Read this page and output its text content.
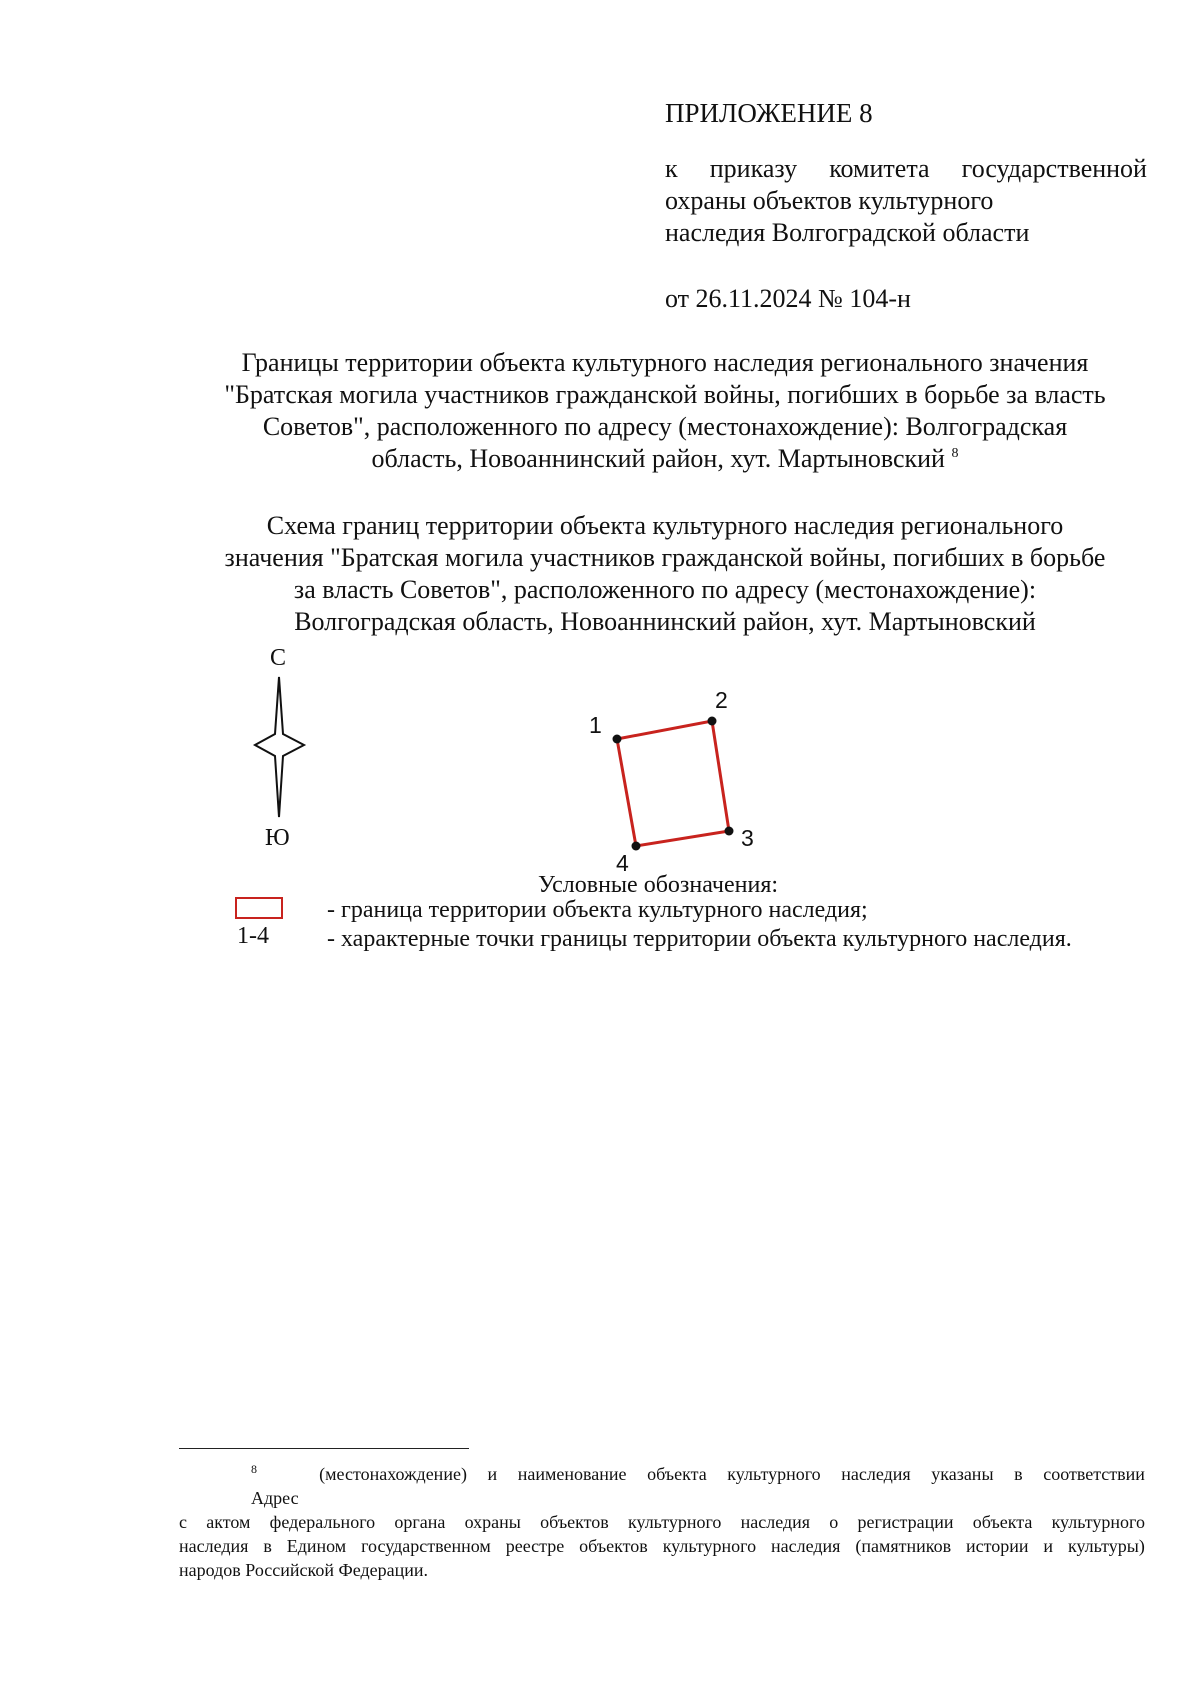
ПРИЛОЖЕНИЕ 8
к приказу комитета государственной
охраны объектов культурного
наследия Волгоградской области
от 26.11.2024 № 104-н
Границы территории объекта культурного наследия регионального значения
"Братская могила участников гражданской войны, погибших в борьбе за власть
Советов", расположенного по адресу (местонахождение): Волгоградская
область, Новоаннинский район, хут. Мартыновский $^8$
Схема границ территории объекта культурного наследия регионального
значения "Братская могила участников гражданской войны, погибших в борьбе
за власть Советов", расположенного по адресу (местонахождение):
Волгоградская область, Новоаннинский район, хут. Мартыновский
С
Ю
1
2
3
4
Условные обозначения:
- граница территории объекта культурного наследия;
1-4 - характерные точки границы территории объекта культурного наследия.
$^8$
Адрес
(местонахождение) и наименование объекта культурного наследия указаны в соответствии
с актом федерального органа охраны объектов культурного наследия о регистрации объекта культурного
наследия в Едином государственном реестре объектов культурного наследия (памятников истории и культуры)
народов Российской Федерации.
